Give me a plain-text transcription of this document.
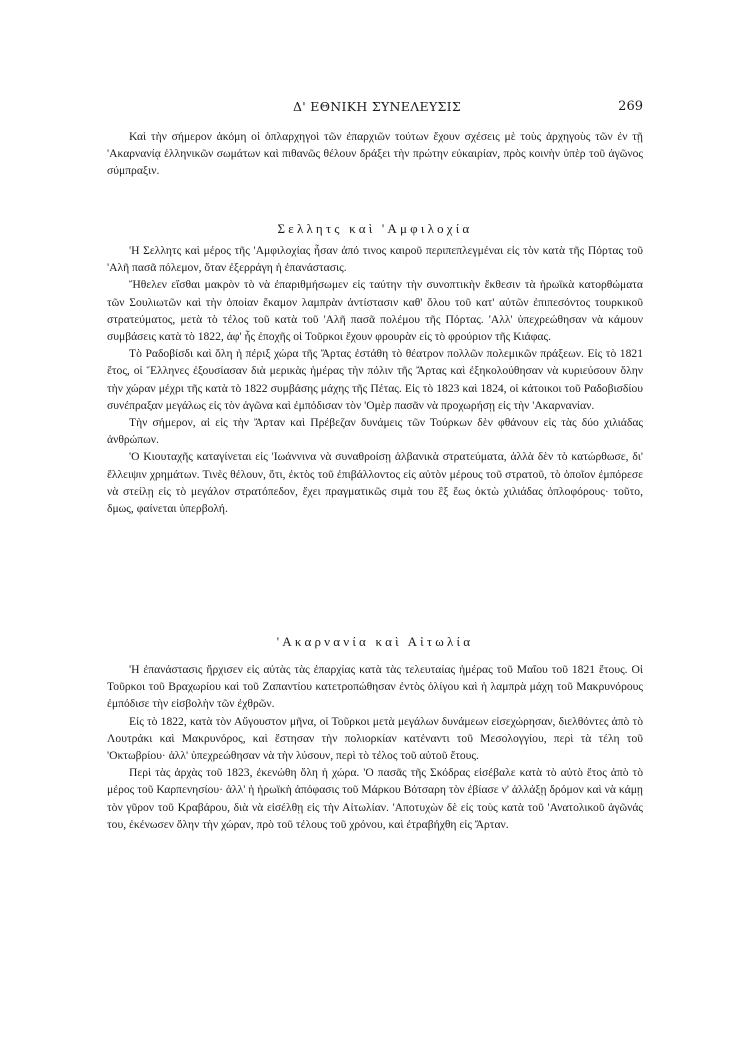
Δ' ΕΘΝΙΚΗ ΣΥΝΕΛΕΥΣΙΣ	269

Καὶ τὴν σήμερον ἀκόμη οἱ ὁπλαρχηγοὶ τῶν ἐπαρχιῶν τούτων ἔχουν σχέσεις μὲ τοὺς ἀρχηγοὺς τῶν ἐν τῇ 'Ακαρνανίᾳ ἑλληνικῶν σωμάτων καὶ πιθανῶς θέλουν δράξει τὴν πρώτην εὐκαιρίαν, πρὸς κοινὴν ὑπὲρ τοῦ ἀγῶνος σύμπραξιν.

Σελλητς καὶ 'Αμφιλοχία

'Η Σελλητς καὶ μέρος τῆς 'Αμφιλοχίας ἦσαν ἀπό τινος καιροῦ περιπεπλεγμέναι εἰς τὸν κατὰ τῆς Πόρτας τοῦ 'Αλῆ πασᾶ πόλεμον, ὅταν ἐξερράγη ἡ ἐπανάστασις.

Ἤθελεν εἴσθαι μακρὸν τὸ νὰ ἐπαριθμήσωμεν εἰς ταύτην τὴν συνοπτικὴν ἔκθεσιν τὰ ἡρωϊκὰ κατορθώματα τῶν Σουλιωτῶν καὶ τὴν ὁποίαν ἔκαμον λαμπρὰν ἀντίστασιν καθ' ὅλου τοῦ κατ' αὐτῶν ἐπιπεσόντος τουρκικοῦ στρατεύματος, μετὰ τὸ τέλος τοῦ κατὰ τοῦ 'Αλῆ πασᾶ πολέμου τῆς Πόρτας. 'Αλλ' ὑπεχρεώθησαν νὰ κάμουν συμβάσεις κατὰ τὸ 1822, ἀφ' ἧς ἐποχῆς οἱ Τοῦρκοι ἔχουν φρουρὰν εἰς τὸ φρούριον τῆς Κιάφας.

Τὸ Ραδοβίσδι καὶ ὅλη ἡ πέριξ χώρα τῆς Ἄρτας ἐστάθη τὸ θέατρον πολλῶν πολεμικῶν πράξεων. Εἰς τὸ 1821 ἔτος, οἱ Ἕλληνες ἐξουσίασαν διὰ μερικὰς ἡμέρας τὴν πόλιν τῆς Ἄρτας καὶ ἐξηκολούθησαν νὰ κυριεύσουν ὅλην τὴν χώραν μέχρι τῆς κατὰ τὸ 1822 συμβάσης μάχης τῆς Πέτας. Εἰς τὸ 1823 καὶ 1824, οἱ κάτοικοι τοῦ Ραδοβισδίου συνέπραξαν μεγάλως εἰς τὸν ἀγῶνα καὶ ἐμπόδισαν τὸν 'Ομὲρ πασᾶν νὰ προχωρήσῃ εἰς τὴν 'Ακαρνανίαν.

Τὴν σήμερον, αἱ εἰς τὴν Ἄρταν καὶ Πρέβεζαν δυνάμεις τῶν Τούρκων δὲν φθάνουν εἰς τὰς δύο χιλιάδας ἀνθρώπων.

'Ο Κιουταχῆς καταγίνεται εἰς 'Ιωάννινα νὰ συναθροίσῃ ἀλβανικὰ στρατεύματα, ἀλλὰ δὲν τὸ κατώρθωσε, δι' ἔλλειψιν χρημάτων. Τινὲς θέλουν, ὅτι, ἐκτὸς τοῦ ἐπιβάλλοντος εἰς αὐτὸν μέρους τοῦ στρατοῦ, τὸ ὁποῖον ἐμπόρεσε νὰ στείλῃ εἰς τὸ μεγάλον στρατόπεδον, ἔχει πραγματικῶς σιμὰ του ἓξ ἕως ὀκτὼ χιλιάδας ὁπλοφόρους· τοῦτο, δμως, φαίνεται ὑπερβολή.

'Ακαρνανία καὶ Αἰτωλία

'Η ἐπανάστασις ἤρχισεν εἰς αὐτὰς τὰς ἐπαρχίας κατὰ τὰς τελευταίας ἡμέρας τοῦ Μαΐου τοῦ 1821 ἔτους. Οἱ Τοῦρκοι τοῦ Βραχωρίου καὶ τοῦ Ζαπαντίου κατετροπώθησαν ἐντὸς ὀλίγου καὶ ἡ λαμπρὰ μάχη τοῦ Μακρυνόρους ἐμπόδισε τὴν εἰσβολὴν τῶν ἐχθρῶν.

Εἰς τὸ 1822, κατὰ τὸν Αὔγουστον μῆνα, οἱ Τοῦρκοι μετὰ μεγάλων δυνάμεων εἰσεχώρησαν, διελθόντες ἀπὸ τὸ Λουτράκι καὶ Μακρυνόρος, καὶ ἔστησαν τὴν πολιορκίαν κατέναντι τοῦ Μεσολογγίου, περὶ τὰ τέλη τοῦ 'Οκτωβρίου· ἀλλ' ὑπεχρεώθησαν νὰ τὴν λύσουν, περὶ τὸ τέλος τοῦ αὐτοῦ ἔτους.

Περὶ τὰς ἀρχὰς τοῦ 1823, ἐκενώθη ὅλη ἡ χώρα. 'Ο πασᾶς τῆς Σκόδρας εἰσέβαλε κατὰ τὸ αὐτὸ ἔτος ἀπὸ τὸ μέρος τοῦ Καρπενησίου· ἀλλ' ἡ ἡρωϊκὴ ἀπόφασις τοῦ Μάρκου Βότσαρη τὸν ἐβίασε ν' ἀλλάξῃ δρόμον καὶ νὰ κάμῃ τὸν γῦρον τοῦ Κραβάρου, διὰ νὰ εἰσέλθῃ εἰς τὴν Αἰτωλίαν. 'Αποτυχὼν δὲ εἰς τοὺς κατὰ τοῦ 'Ανατολικοῦ ἀγῶνάς του, ἐκένωσεν ὅλην τὴν χώραν, πρὸ τοῦ τέλους τοῦ χρόνου, καὶ ἐτραβήχθη εἰς Ἄρταν.
